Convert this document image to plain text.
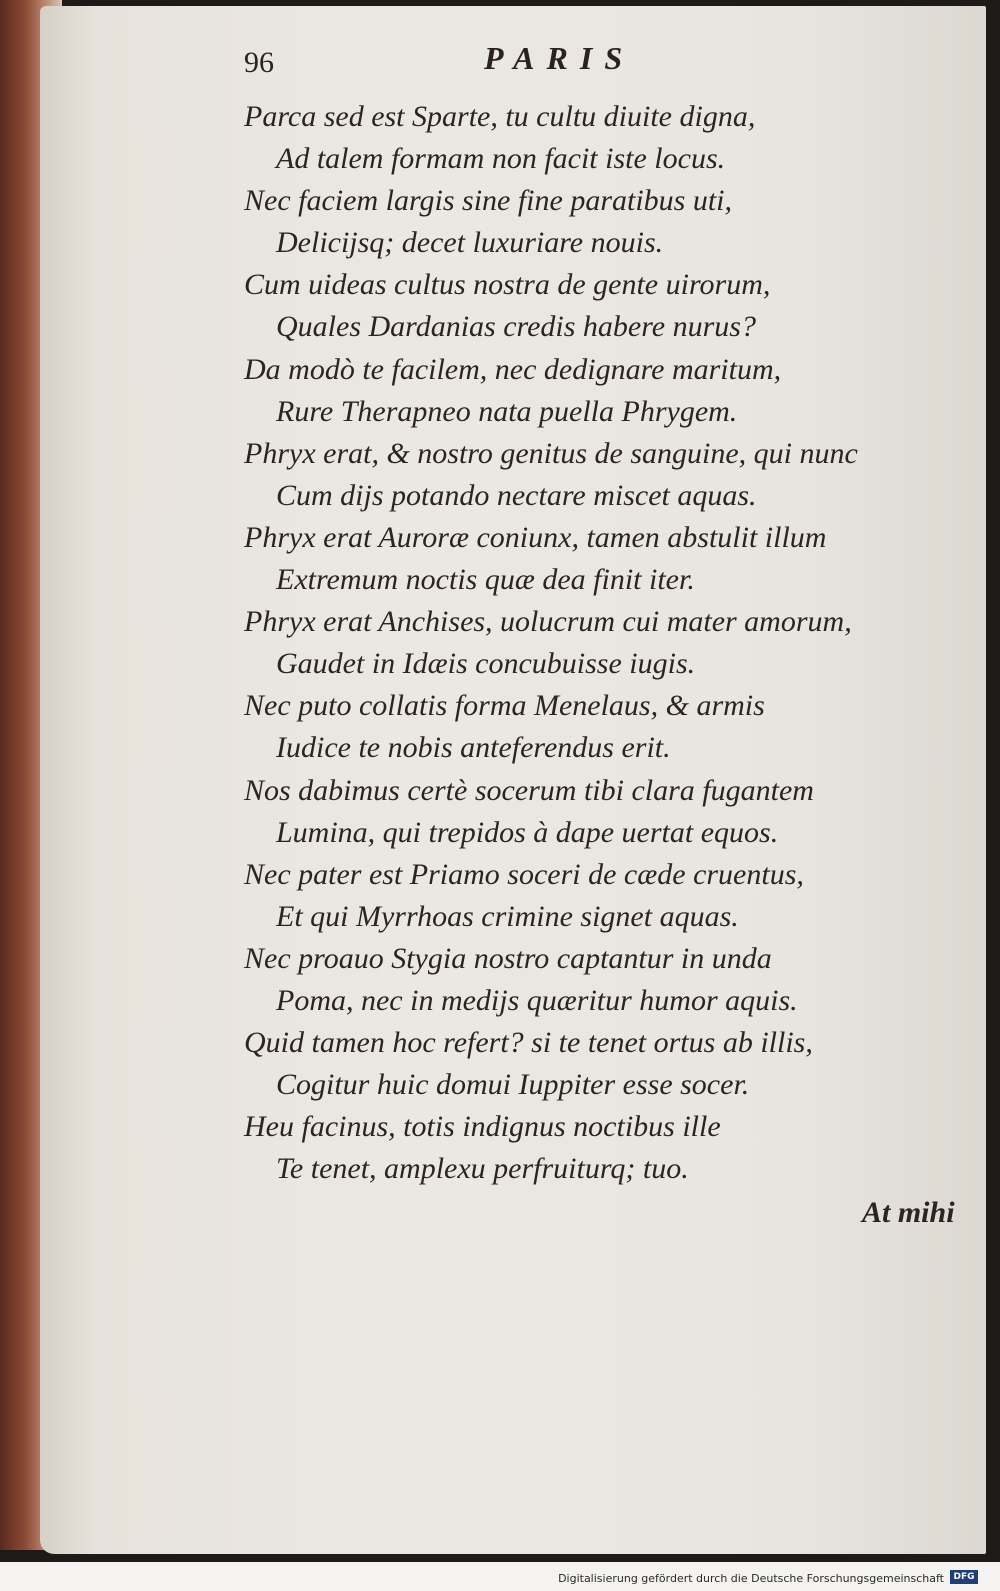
96	PARIS
Parca sed est Sparte, tu cultu diuite digna,
Ad talem formam non facit iste locus.
Nec faciem largis sine fine paratibus uti,
Delicijsq; decet luxuriare nouis.
Cum uideas cultus nostra de gente uirorum,
Quales Dardanias credis habere nurus?
Da modò te facilem, nec dedignare maritum,
Rure Therapneo nata puella Phrygem.
Phryx erat, & nostro genitus de sanguine, qui nunc
Cum dijs potando nectare miscet aquas.
Phryx erat Auroræ coniunx, tamen abstulit illum
Extremum noctis quæ dea finit iter.
Phryx erat Anchises, uolucrum cui mater amorum,
Gaudet in Idæis concubuisse iugis.
Nec puto collatis forma Menelaus, & armis
Iudice te nobis anteferendus erit.
Nos dabimus certè socerum tibi clara fugantem
Lumina, qui trepidos à dape uertat equos.
Nec pater est Priamo soceri de cæde cruentus,
Et qui Myrrhoas crimine signet aquas.
Nec proauo Stygia nostro captantur in unda
Poma, nec in medijs quæritur humor aquis.
Quid tamen hoc refert? si te tenet ortus ab illis,
Cogitur huic domui Iuppiter esse socer.
Heu facinus, totis indignus noctibus ille
Te tenet, amplexu perfruiturq; tuo.
At mihi
Digitalisierung gefördert durch die Deutsche Forschungsgemeinschaft	DFG
